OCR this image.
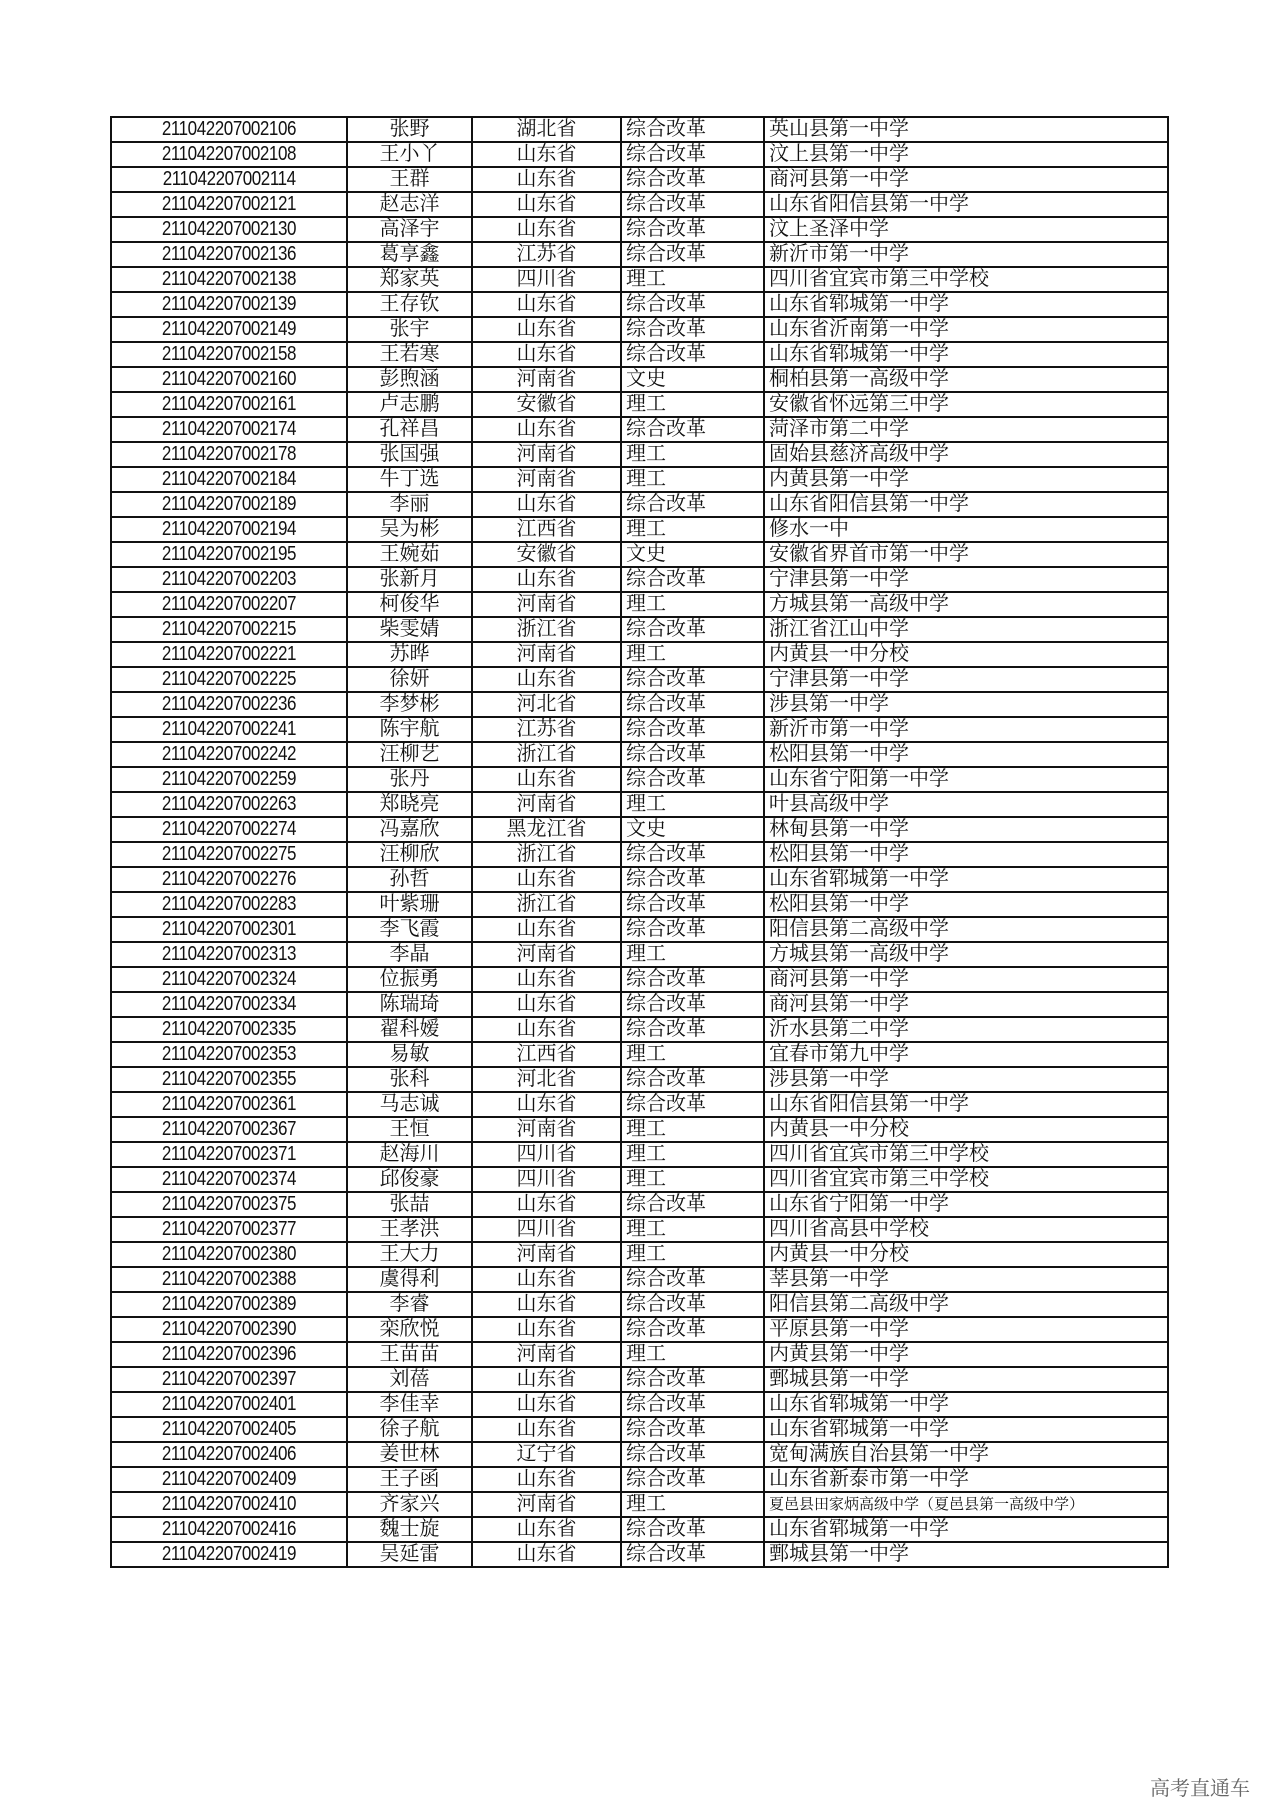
211042207002106	张野	湖北省	综合改革	英山县第一中学
211042207002108	王小丫	山东省	综合改革	汶上县第一中学
211042207002114	王群	山东省	综合改革	商河县第一中学
211042207002121	赵志洋	山东省	综合改革	山东省阳信县第一中学
211042207002130	高泽宇	山东省	综合改革	汶上圣泽中学
211042207002136	葛享鑫	江苏省	综合改革	新沂市第一中学
211042207002138	郑家英	四川省	理工	四川省宜宾市第三中学校
211042207002139	王存钦	山东省	综合改革	山东省郓城第一中学
211042207002149	张宇	山东省	综合改革	山东省沂南第一中学
211042207002158	王若寒	山东省	综合改革	山东省郓城第一中学
211042207002160	彭煦涵	河南省	文史	桐柏县第一高级中学
211042207002161	卢志鹏	安徽省	理工	安徽省怀远第三中学
211042207002174	孔祥昌	山东省	综合改革	菏泽市第二中学
211042207002178	张国强	河南省	理工	固始县慈济高级中学
211042207002184	牛丁选	河南省	理工	内黄县第一中学
211042207002189	李丽	山东省	综合改革	山东省阳信县第一中学
211042207002194	吴为彬	江西省	理工	修水一中
211042207002195	王婉茹	安徽省	文史	安徽省界首市第一中学
211042207002203	张新月	山东省	综合改革	宁津县第一中学
211042207002207	柯俊华	河南省	理工	方城县第一高级中学
211042207002215	柴雯婧	浙江省	综合改革	浙江省江山中学
211042207002221	苏晔	河南省	理工	内黄县一中分校
211042207002225	徐妍	山东省	综合改革	宁津县第一中学
211042207002236	李梦彬	河北省	综合改革	涉县第一中学
211042207002241	陈宇航	江苏省	综合改革	新沂市第一中学
211042207002242	汪柳艺	浙江省	综合改革	松阳县第一中学
211042207002259	张丹	山东省	综合改革	山东省宁阳第一中学
211042207002263	郑晓亮	河南省	理工	叶县高级中学
211042207002274	冯嘉欣	黑龙江省	文史	林甸县第一中学
211042207002275	汪柳欣	浙江省	综合改革	松阳县第一中学
211042207002276	孙哲	山东省	综合改革	山东省郓城第一中学
211042207002283	叶紫珊	浙江省	综合改革	松阳县第一中学
211042207002301	李飞霞	山东省	综合改革	阳信县第二高级中学
211042207002313	李晶	河南省	理工	方城县第一高级中学
211042207002324	位振勇	山东省	综合改革	商河县第一中学
211042207002334	陈瑞琦	山东省	综合改革	商河县第一中学
211042207002335	翟科嫒	山东省	综合改革	沂水县第二中学
211042207002353	易敏	江西省	理工	宜春市第九中学
211042207002355	张科	河北省	综合改革	涉县第一中学
211042207002361	马志诚	山东省	综合改革	山东省阳信县第一中学
211042207002367	王恒	河南省	理工	内黄县一中分校
211042207002371	赵海川	四川省	理工	四川省宜宾市第三中学校
211042207002374	邱俊豪	四川省	理工	四川省宜宾市第三中学校
211042207002375	张喆	山东省	综合改革	山东省宁阳第一中学
211042207002377	王孝洪	四川省	理工	四川省高县中学校
211042207002380	王大力	河南省	理工	内黄县一中分校
211042207002388	虞得利	山东省	综合改革	莘县第一中学
211042207002389	李睿	山东省	综合改革	阳信县第二高级中学
211042207002390	栾欣悦	山东省	综合改革	平原县第一中学
211042207002396	王苗苗	河南省	理工	内黄县第一中学
211042207002397	刘蓓	山东省	综合改革	鄄城县第一中学
211042207002401	李佳幸	山东省	综合改革	山东省郓城第一中学
211042207002405	徐子航	山东省	综合改革	山东省郓城第一中学
211042207002406	姜世林	辽宁省	综合改革	宽甸满族自治县第一中学
211042207002409	王子函	山东省	综合改革	山东省新泰市第一中学
211042207002410	齐家兴	河南省	理工	夏邑县田家炳高级中学（夏邑县第一高级中学）
211042207002416	魏士旋	山东省	综合改革	山东省郓城第一中学
211042207002419	吴延雷	山东省	综合改革	鄄城县第一中学
高考直通车
